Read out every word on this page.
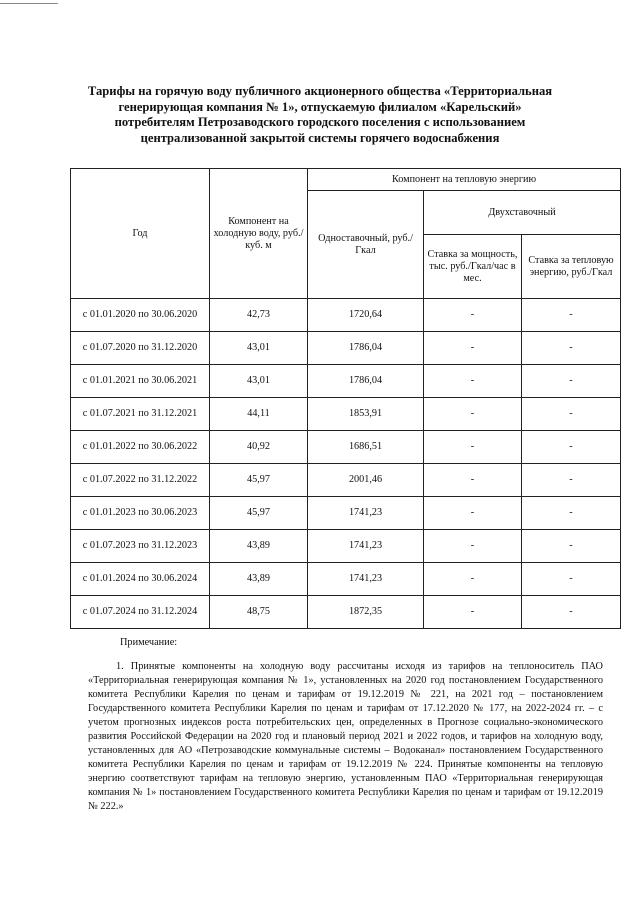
Тарифы на горячую воду публичного акционерного общества «Территориальная генерирующая компания № 1», отпускаемую филиалом «Карельский» потребителям Петрозаводского городского поселения с использованием централизованной закрытой системы горячего водоснабжения
Год	Компонент на холодную воду, руб./куб. м	Компонент на тепловую энергию		
		Одноставочный, руб./Гкал	Двухставочный	
			Ставка за мощность, тыс. руб./Гкал/час в мес.	Ставка за тепловую энергию, руб./Гкал
с 01.01.2020 по 30.06.2020	42,73	1720,64	-	-
с 01.07.2020 по 31.12.2020	43,01	1786,04	-	-
с 01.01.2021 по 30.06.2021	43,01	1786,04	-	-
с 01.07.2021 по 31.12.2021	44,11	1853,91	-	-
с 01.01.2022 по 30.06.2022	40,92	1686,51	-	-
с 01.07.2022 по 31.12.2022	45,97	2001,46	-	-
с 01.01.2023 по 30.06.2023	45,97	1741,23	-	-
с 01.07.2023 по 31.12.2023	43,89	1741,23	-	-
с 01.01.2024 по 30.06.2024	43,89	1741,23	-	-
с 01.07.2024 по 31.12.2024	48,75	1872,35	-	-
Примечание:

1. Принятые компоненты на холодную воду рассчитаны исходя из тарифов на теплоноситель ПАО «Территориальная генерирующая компания № 1», установленных на 2020 год постановлением Государственного комитета Республики Карелия по ценам и тарифам от 19.12.2019 № 221, на 2021 год – постановлением Государственного комитета Республики Карелия по ценам и тарифам от 17.12.2020 № 177, на 2022-2024 гг. – с учетом прогнозных индексов роста потребительских цен, определенных в Прогнозе социально-экономического развития Российской Федерации на 2020 год и плановый период 2021 и 2022 годов, и тарифов на холодную воду, установленных для АО «Петрозаводские коммунальные системы – Водоканал» постановлением Государственного комитета Республики Карелия по ценам и тарифам от 19.12.2019 № 224. Принятые компоненты на тепловую энергию соответствуют тарифам на тепловую энергию, установленным ПАО «Территориальная генерирующая компания № 1» постановлением Государственного комитета Республики Карелия по ценам и тарифам от 19.12.2019 № 222.»
